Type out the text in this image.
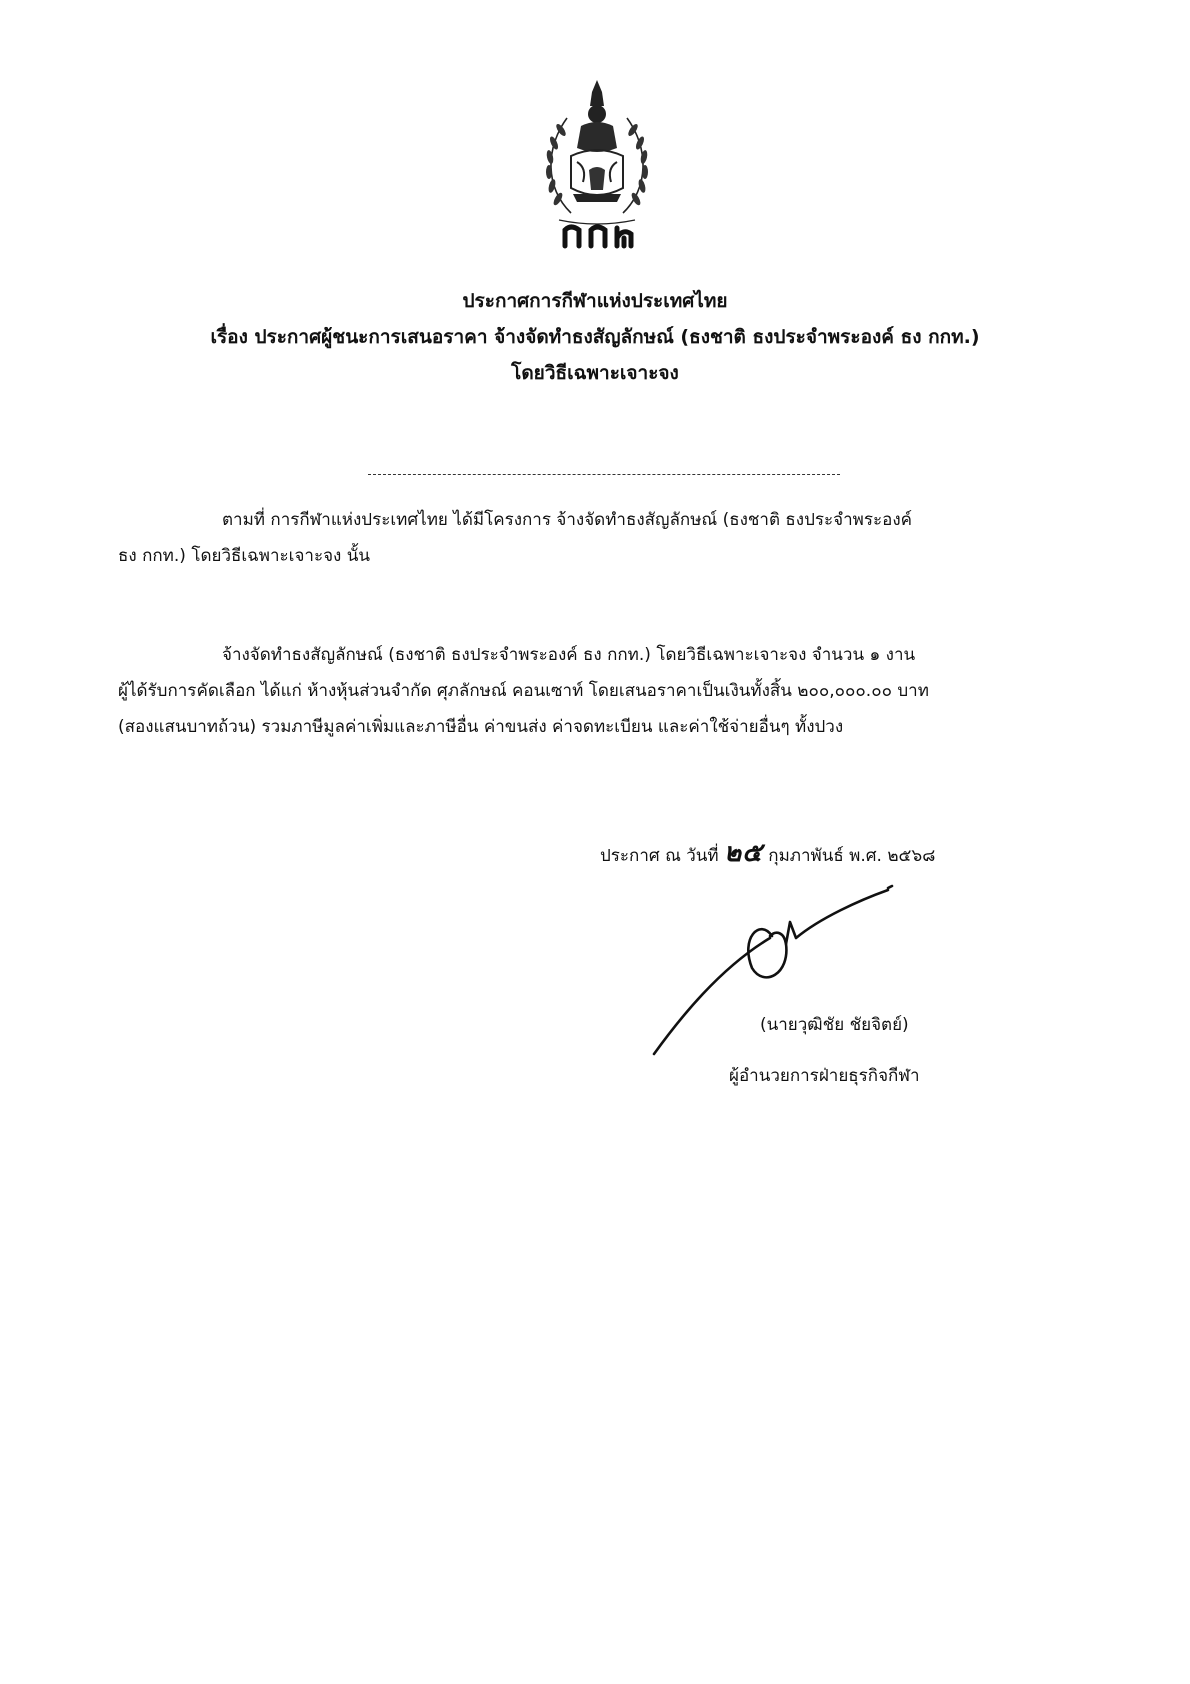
ประกาศการกีฬาแห่งประเทศไทย
เรื่อง ประกาศผู้ชนะการเสนอราคา จ้างจัดทำธงสัญลักษณ์ (ธงชาติ ธงประจำพระองค์ ธง กกท.)
โดยวิธีเฉพาะเจาะจง
ตามที่ การกีฬาแห่งประเทศไทย ได้มีโครงการ จ้างจัดทำธงสัญลักษณ์ (ธงชาติ ธงประจำพระองค์
ธง กกท.) โดยวิธีเฉพาะเจาะจง นั้น
จ้างจัดทำธงสัญลักษณ์ (ธงชาติ ธงประจำพระองค์ ธง กกท.) โดยวิธีเฉพาะเจาะจง จำนวน ๑ งาน
ผู้ได้รับการคัดเลือก ได้แก่ ห้างหุ้นส่วนจำกัด ศุภลักษณ์ คอนเซาท์ โดยเสนอราคาเป็นเงินทั้งสิ้น ๒๐๐,๐๐๐.๐๐ บาท
(สองแสนบาทถ้วน) รวมภาษีมูลค่าเพิ่มและภาษีอื่น ค่าขนส่ง ค่าจดทะเบียน และค่าใช้จ่ายอื่นๆ ทั้งปวง
ประกาศ ณ วันที่ ๒๕ กุมภาพันธ์ พ.ศ. ๒๕๖๘
(นายวุฒิชัย ชัยจิตย์)
ผู้อำนวยการฝ่ายธุรกิจกีฬา
